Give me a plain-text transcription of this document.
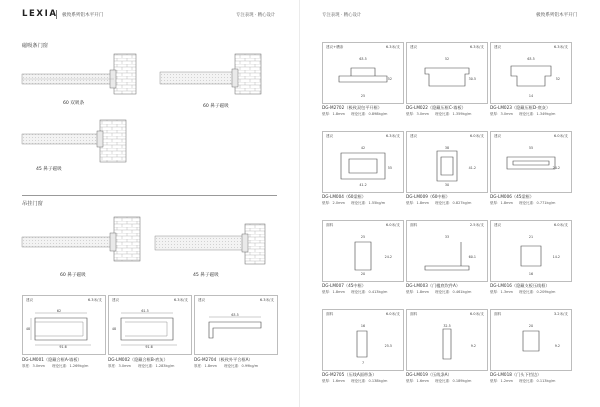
LEXIA 极致系列铝木平开门	专注表现 · 精心设计
磁吸条门窗
吊挂门窗
60 双吸条
60 鼻子磁吸
45 鼻子磁吸
60 鼻子磁吸	45 鼻子磁吸
建议	6.3米/支
62
48
91.6
DG-LM001（隐藏合框A-墙板）
厚度：3.0mm 理论比重：1.269kg/m
建议	6.3米/支
61.5
48
91.6
DG-LM002（隐藏合框B-底灰）
厚度：3.0mm 理论比重：1.283kg/m
建议	6.3米/支
63.5
DG-M2704（极致外平合框A）
厚度：1.8mm 理论比重：0.99kg/m
专注表现 · 精心设计	极致系列铝木平开门
建议+槽条	6.3米/支
63.5
52
25
DG-M2702（极致双包平开框）
壁厚：1.8mm 理论比重：0.898kg/m
建议	6.3米/支
52
30.5
DG-LM022（隐藏压框C-墙板）
壁厚：3.0mm 理论比重：1.359kg/m
建议	6.3米/支
63.5
52
14
DG-LM023（隐藏压框D-底灰）
壁厚：3.0mm 理论比重：1.349kg/m
建议	6.3米/支
42
55
41.2
DG-LM004（60梁框）
壁厚：2.0mm 理论比重：1.55kg/m
建议	6.0米/支
38
41.2
30
DG-LM009（60中框）
壁厚：1.8mm 理论比重：0.827kg/m
建议	6.0米/支
55
24.2
DG-LM006（45梁框）
壁厚：1.8mm 理论比重：0.771kg/m
面料	6.0米/支
25
24.2
20
DG-LM007（45中框）
壁厚：1.8mm 理论比重：0.413kg/m
面料	2.5米/支
33
60.1
DG-LM003（门槛底坎件A）
壁厚：1.8mm 理论比重：0.461kg/m
建议	6.0米/支
21
14.2
16
DG-LM016（隐藏支板压线框）
壁厚：1.3mm 理论比重：0.209kg/m
面料	6.0米/支
16
25.5
7
DG-M2705（压线A面带条）
壁厚：1.6mm 理论比重：0.138kg/m
面料	6.0米/支
32.5
9.2
DG-LM019（压线条A）
壁厚：1.6mm 理论比重：0.189kg/m
面料	3.2米/支
20
9.2
DG-LM018（门头下挡边）
壁厚：1.2mm 理论比重：0.113kg/m
